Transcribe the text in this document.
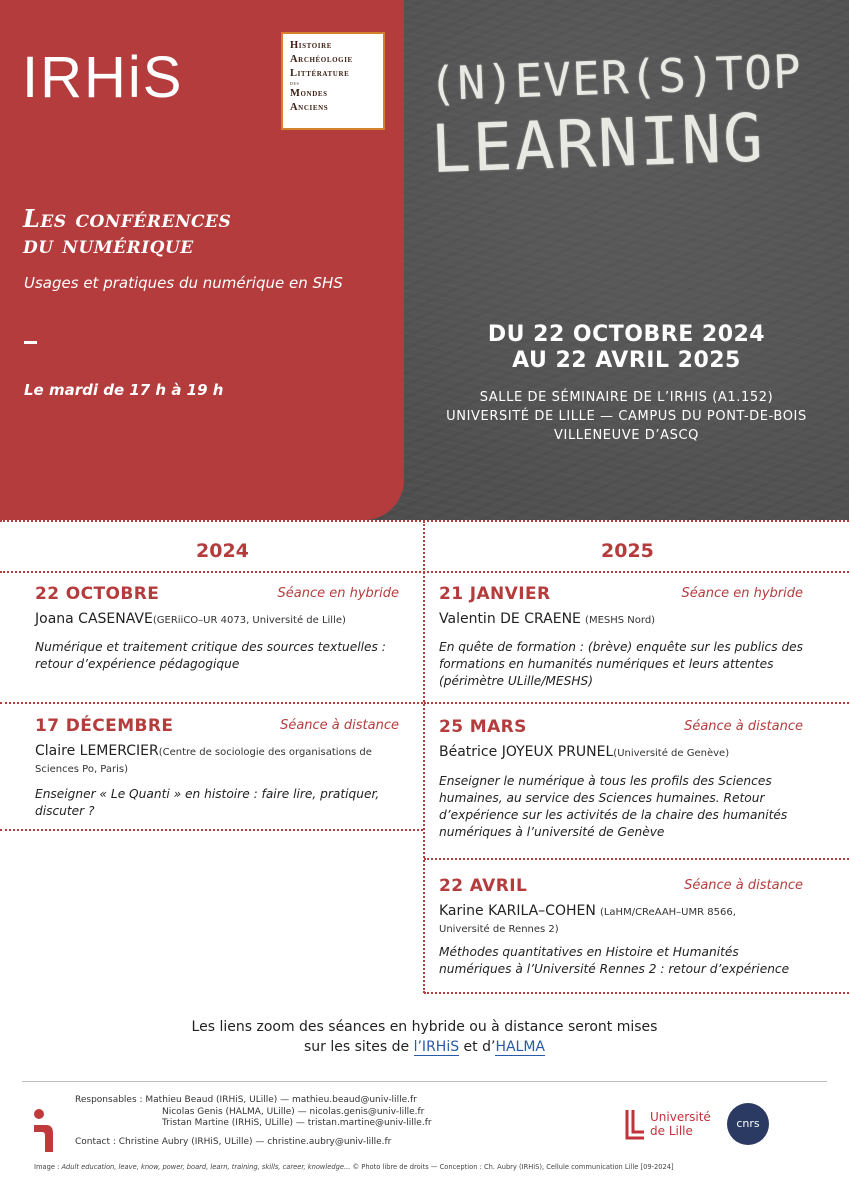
(N)EVER(S)TOP
LEARNING
IRHiS	Histoire
Archéologie
Littérature
des
Mondes
Anciens
Les conférences
du numérique
Usages et pratiques du numérique en SHS
Le mardi de 17 h à 19 h
DU 22 OCTOBRE 2024
AU 22 AVRIL 2025
SALLE DE SÉMINAIRE DE L’IRHIS (A1.152)
UNIVERSITÉ DE LILLE — CAMPUS DU PONT-DE-BOIS
VILLENEUVE D’ASCQ
2024	2025
22 OCTOBRE	Séance en hybride
Joana CASENAVE(GERiiCO–UR 4073, Université de Lille)
Numérique et traitement critique des sources textuelles : retour d’expérience pédagogique
17 DÉCEMBRE	Séance à distance
Claire LEMERCIER(Centre de sociologie des organisations de Sciences Po, Paris)
Enseigner « Le Quanti » en histoire : faire lire, pratiquer, discuter ?
21 JANVIER	Séance en hybride
Valentin DE CRAENE (MESHS Nord)
En quête de formation : (brève) enquête sur les publics des formations en humanités numériques et leurs attentes (périmètre ULille/MESHS)
25 MARS	Séance à distance
Béatrice JOYEUX PRUNEL(Université de Genève)
Enseigner le numérique à tous les profils des Sciences humaines, au service des Sciences humaines. Retour d’expérience sur les activités de la chaire des humanités numériques à l’université de Genève
22 AVRIL	Séance à distance
Karine KARILA–COHEN (LaHM/CReAAH–UMR 8566, Université de Rennes 2)
Méthodes quantitatives en Histoire et Humanités numériques à l’Université Rennes 2 : retour d’expérience
Les liens zoom des séances en hybride ou à distance seront mises
sur les sites de l’IRHiS et d’HALMA
Responsables : Mathieu Beaud (IRHiS, ULille) — mathieu.beaud@univ-lille.fr
Nicolas Genis (HALMA, ULille) — nicolas.genis@univ-lille.fr
Tristan Martine (IRHiS, ULille) — tristan.martine@univ-lille.fr
Contact : Christine Aubry (IRHiS, ULille) — christine.aubry@univ-lille.fr
Université
de Lille
cnrs
Image : Adult education, leave, know, power, board, learn, training, skills, career, knowledge... © Photo libre de droits — Conception : Ch. Aubry (IRHiS), Cellule communication Lille [09-2024]
